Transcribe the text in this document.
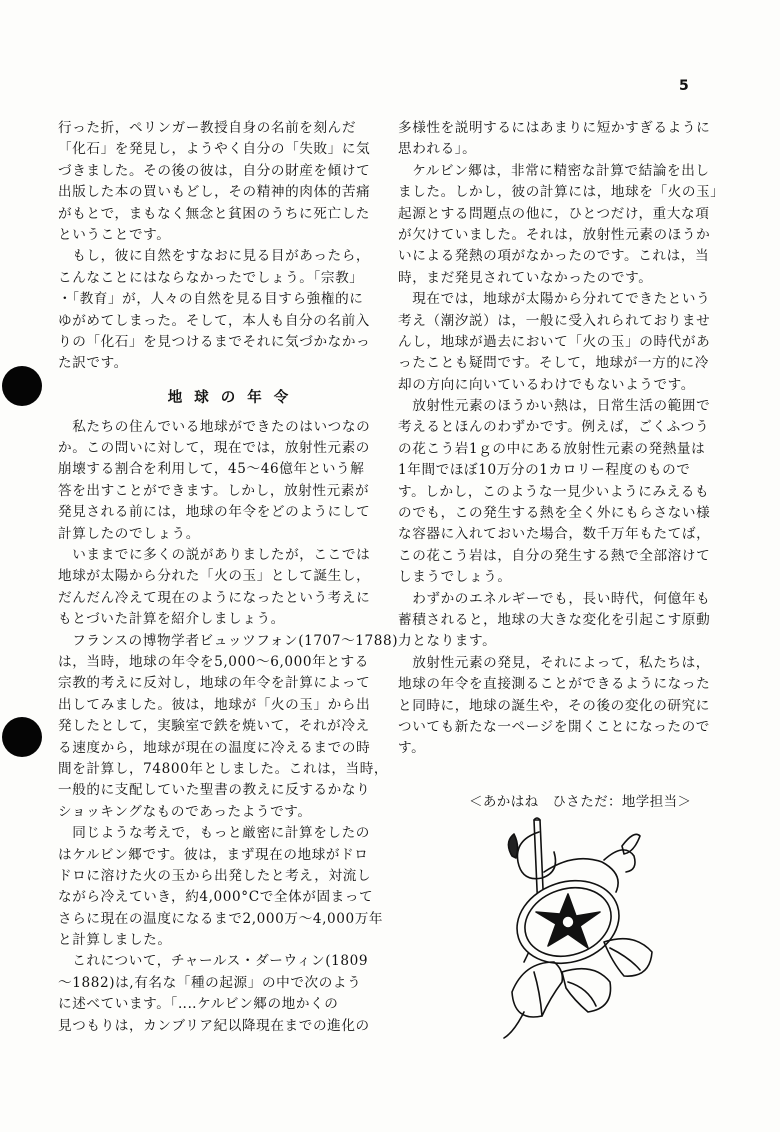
5
行った折，ペリンガー教授自身の名前を刻んだ
「化石」を発見し，ようやく自分の「失敗」に気
づきました。その後の彼は，自分の財産を傾けて
出版した本の買いもどし，その精神的肉体的苦痛
がもとで，まもなく無念と貧困のうちに死亡した
ということです。
　もし，彼に自然をすなおに見る目があったら，
こんなことにはならなかったでしょう。「宗教」
・「教育」が，人々の自然を見る目すら強権的に
ゆがめてしまった。そして，本人も自分の名前入
りの「化石」を見つけるまでそれに気づかなかっ
た訳です。
地球の年令
　私たちの住んでいる地球ができたのはいつなの
か。この問いに対して，現在では，放射性元素の
崩壊する割合を利用して，45～46億年という解
答を出すことができます。しかし，放射性元素が
発見される前には，地球の年令をどのようにして
計算したのでしょう。
　いままでに多くの説がありましたが，ここでは
地球が太陽から分れた「火の玉」として誕生し，
だんだん冷えて現在のようになったという考えに
もとづいた計算を紹介しましょう。
　フランスの博物学者ビュッツフォン(1707～1788)
は，当時，地球の年令を5,000～6,000年とする
宗教的考えに反対し，地球の年令を計算によって
出してみました。彼は，地球が「火の玉」から出
発したとして，実験室で鉄を焼いて，それが冷え
る速度から，地球が現在の温度に冷えるまでの時
間を計算し，74800年としました。これは，当時，
一般的に支配していた聖書の教えに反するかなり
ショッキングなものであったようです。
　同じような考えで，もっと厳密に計算をしたの
はケルビン郷です。彼は，まず現在の地球がドロ
ドロに溶けた火の玉から出発したと考え，対流し
ながら冷えていき，約4,000°Cで全体が固まって
さらに現在の温度になるまで2,000万～4,000万年
と計算しました。
　これについて，チャールス・ダーウィン(1809
～1882)は,有名な「種の起源」の中で次のよう
に述べています。「‥‥ケルビン郷の地かくの
見つもりは，カンブリア紀以降現在までの進化の
多様性を説明するにはあまりに短かすぎるように
思われる」。
　ケルビン郷は，非常に精密な計算で結論を出し
ました。しかし，彼の計算には，地球を「火の玉」
起源とする問題点の他に，ひとつだけ，重大な項
が欠けていました。それは，放射性元素のほうか
いによる発熱の項がなかったのです。これは，当
時，まだ発見されていなかったのです。
　現在では，地球が太陽から分れてできたという
考え（潮汐説）は，一般に受入れられておりませ
んし，地球が過去において「火の玉」の時代があ
ったことも疑問です。そして，地球が一方的に冷
却の方向に向いているわけでもないようです。
　放射性元素のほうかい熱は，日常生活の範囲で
考えるとほんのわずかです。例えば，ごくふつう
の花こう岩1ｇの中にある放射性元素の発熱量は
1年間でほぼ10万分の1カロリー程度のもので
す。しかし，このような一見少いようにみえるも
のでも，この発生する熱を全く外にもらさない様
な容器に入れておいた場合，数千万年もたてば，
この花こう岩は，自分の発生する熱で全部溶けて
しまうでしょう。
　わずかのエネルギーでも，長い時代，何億年も
蓄積されると，地球の大きな変化を引起こす原動
力となります。
　放射性元素の発見，それによって，私たちは，
地球の年令を直接測ることができるようになった
と同時に，地球の誕生や，その後の変化の研究に
ついても新たな一ページを開くことになったので
す。
＜あかはね　ひさただ：地学担当＞
